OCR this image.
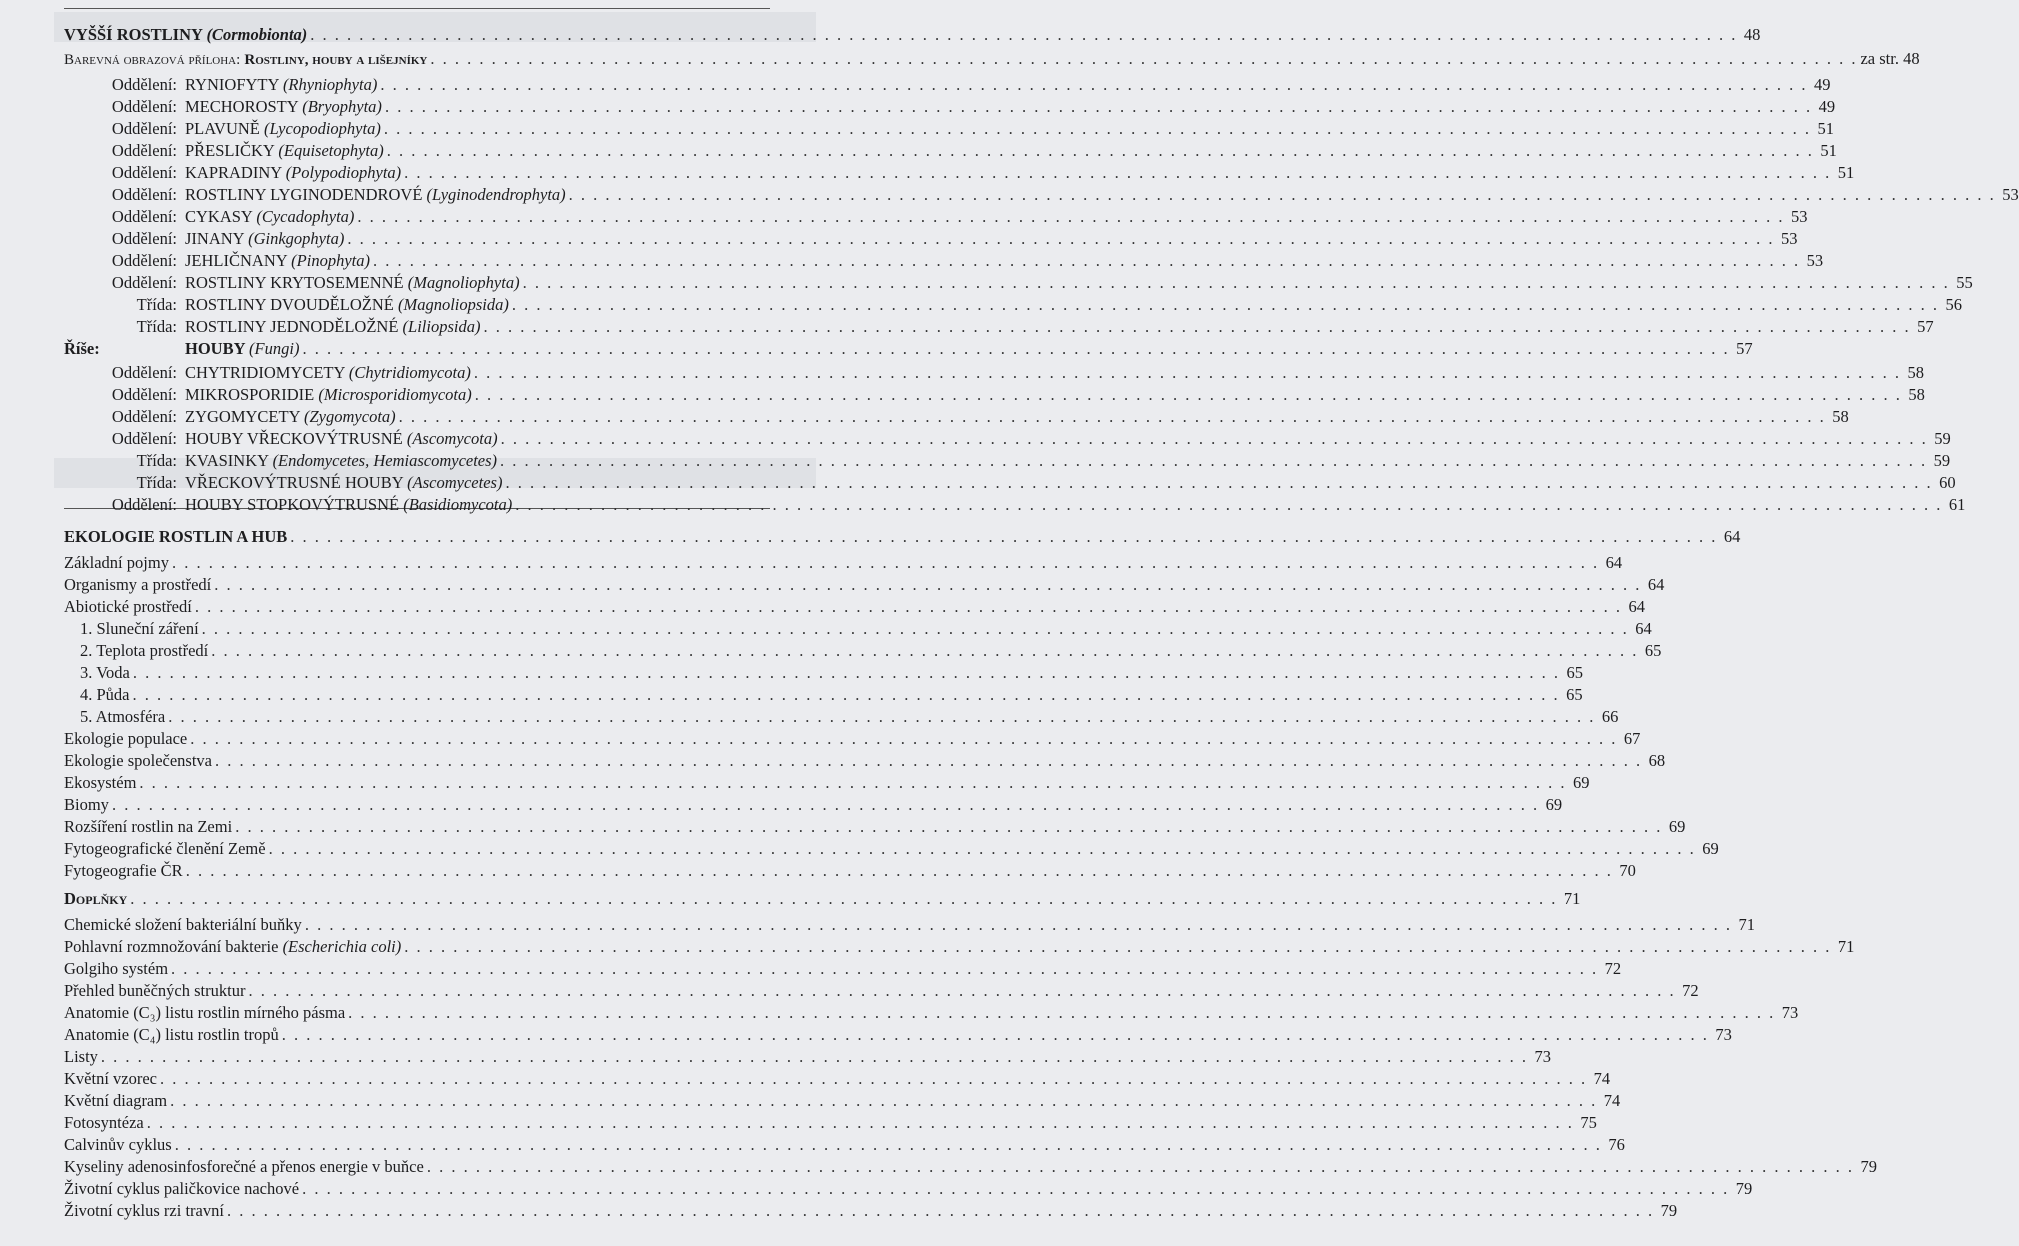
VYŠŠÍ ROSTLINY (Cormobionta) . . .	48
Barevná obrazová příloha: Rostliny, houby a lišejníky . . .	za str. 48
Oddělení: RYNIOFYTY (Rhyniophyta) . . .	49
Oddělení: MECHOROSTY (Bryophyta) . . .	49
Oddělení: PLAVUNĚ (Lycopodiophyta) . . .	51
Oddělení: PŘESLIČKY (Equisetophyta) . . .	51
Oddělení: KAPRADINY (Polypodiophyta) . . .	51
Oddělení: ROSTLINY LYGINODENDROVÉ (Lyginodendrophyta) . . .	53
Oddělení: CYKASY (Cycadophyta) . . .	53
Oddělení: JINANY (Ginkgophyta) . . .	53
Oddělení: JEHLIČNANY (Pinophyta) . . .	53
Oddělení: ROSTLINY KRYTOSEMENNÉ (Magnoliophyta) . . .	55
Třída: ROSTLINY DVOUDĚLOŽNÉ (Magnoliopsida) . . .	56
Třída: ROSTLINY JEDNODĚLOŽNÉ (Liliopsida) . . .	57
Říše:	HOUBY (Fungi) . . .	57
Oddělení: CHYTRIDIOMYCETY (Chytridiomycota) . . .	58
Oddělení: MIKROSPORIDIE (Microsporidiomycota) . . .	58
Oddělení: ZYGOMYCETY (Zygomycota) . . .	58
Oddělení: HOUBY VŘECKOVÝTRUSNÉ (Ascomycota) . . .	59
Třída: KVASINKY (Endomycetes, Hemiascomycetes) . . .	59
Třída: VŘECKOVÝTRUSNÉ HOUBY (Ascomycetes) . . .	60
Oddělení: HOUBY STOPKOVÝTRUSNÉ (Basidiomycota) . . .	61
EKOLOGIE ROSTLIN A HUB . . .	64
Základní pojmy . . .	64
Organismy a prostředí . . .	64
Abiotické prostředí . . .	64
1. Sluneční záření . . .	64
2. Teplota prostředí . . .	65
3. Voda . . .	65
4. Půda . . .	65
5. Atmosféra . . .	66
Ekologie populace . . .	67
Ekologie společenstva . . .	68
Ekosystém . . .	69
Biomy . . .	69
Rozšíření rostlin na Zemi . . .	69
Fytogeografické členění Země . . .	69
Fytogeografie ČR . . .	70
Doplňky . . .	71
Chemické složení bakteriální buňky . . .	71
Pohlavní rozmnožování bakterie (Escherichia coli) . . .	71
Golgiho systém . . .	72
Přehled buněčných struktur . . .	72
Anatomie (C₃) listu rostlin mírného pásma . . .	73
Anatomie (C₄) listu rostlin tropů . . .	73
Listy . . .	73
Květní vzorec . . .	74
Květní diagram . . .	74
Fotosyntéza . . .	75
Calvinův cyklus . . .	76
Kyseliny adenosinfosforečné a přenos energie v buňce . . .	79
Životní cyklus paličkovice nachové . . .	79
Životní cyklus rzi travní . . .	79
